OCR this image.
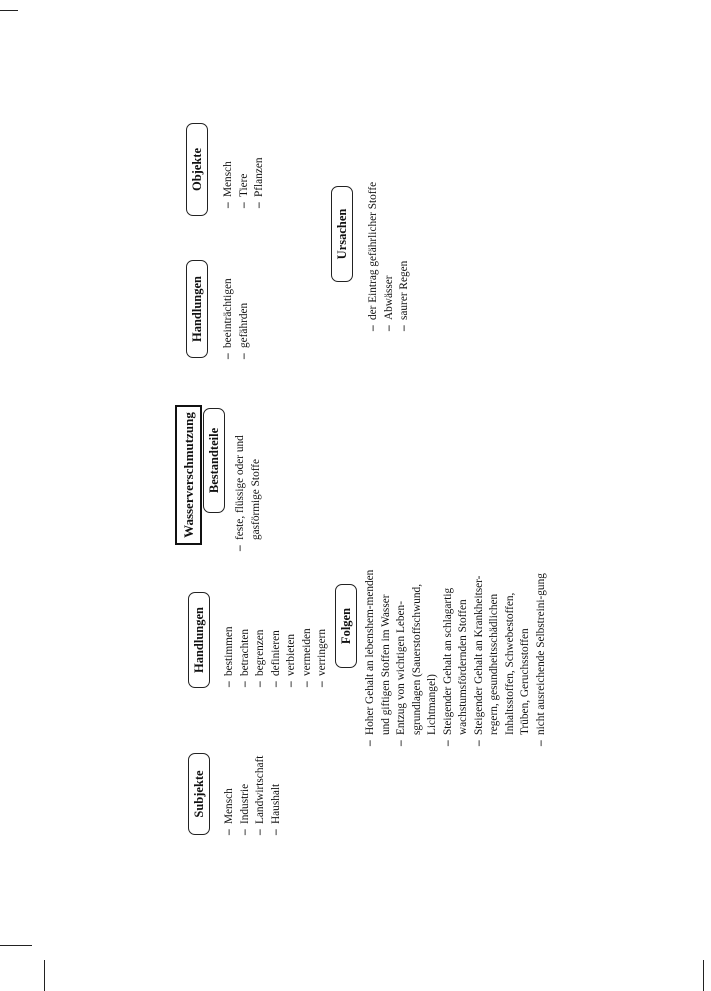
Wasserverschmutzung
Subjekte	– Mensch – Industrie – Landwirtschaft – Haushalt
Handlungen	– bestimmen – betrachten – begrenzen – definieren – verbieten – vermeiden – verringern
Folgen	– Hoher Gehalt an lebenshem-menden und giftigen Stoffen im Wasser – Entzug von wichtigen Leben-sgrundlagen (Sauerstoffschwund, Lichtmangel) – Steigender Gehalt an schlagartig wachstumsfördernden Stoffen – Steigender Gehalt an Krankheitser-regern, gesundheitsschädlichen Inhaltsstoffen, Schwebestoffen, Trüben, Geruchsstoffen – nicht ausreichende Selbstreini-gung
Bestandteile	– feste, flüssige oder und gasförmige Stoffe
Handlungen	– beeinträchtigen – gefährden
Objekte	– Mensch – Tiere – Pflanzen
Ursachen	– der Eintrag gefährlicher Stoffe – Abwässer – saurer Regen
